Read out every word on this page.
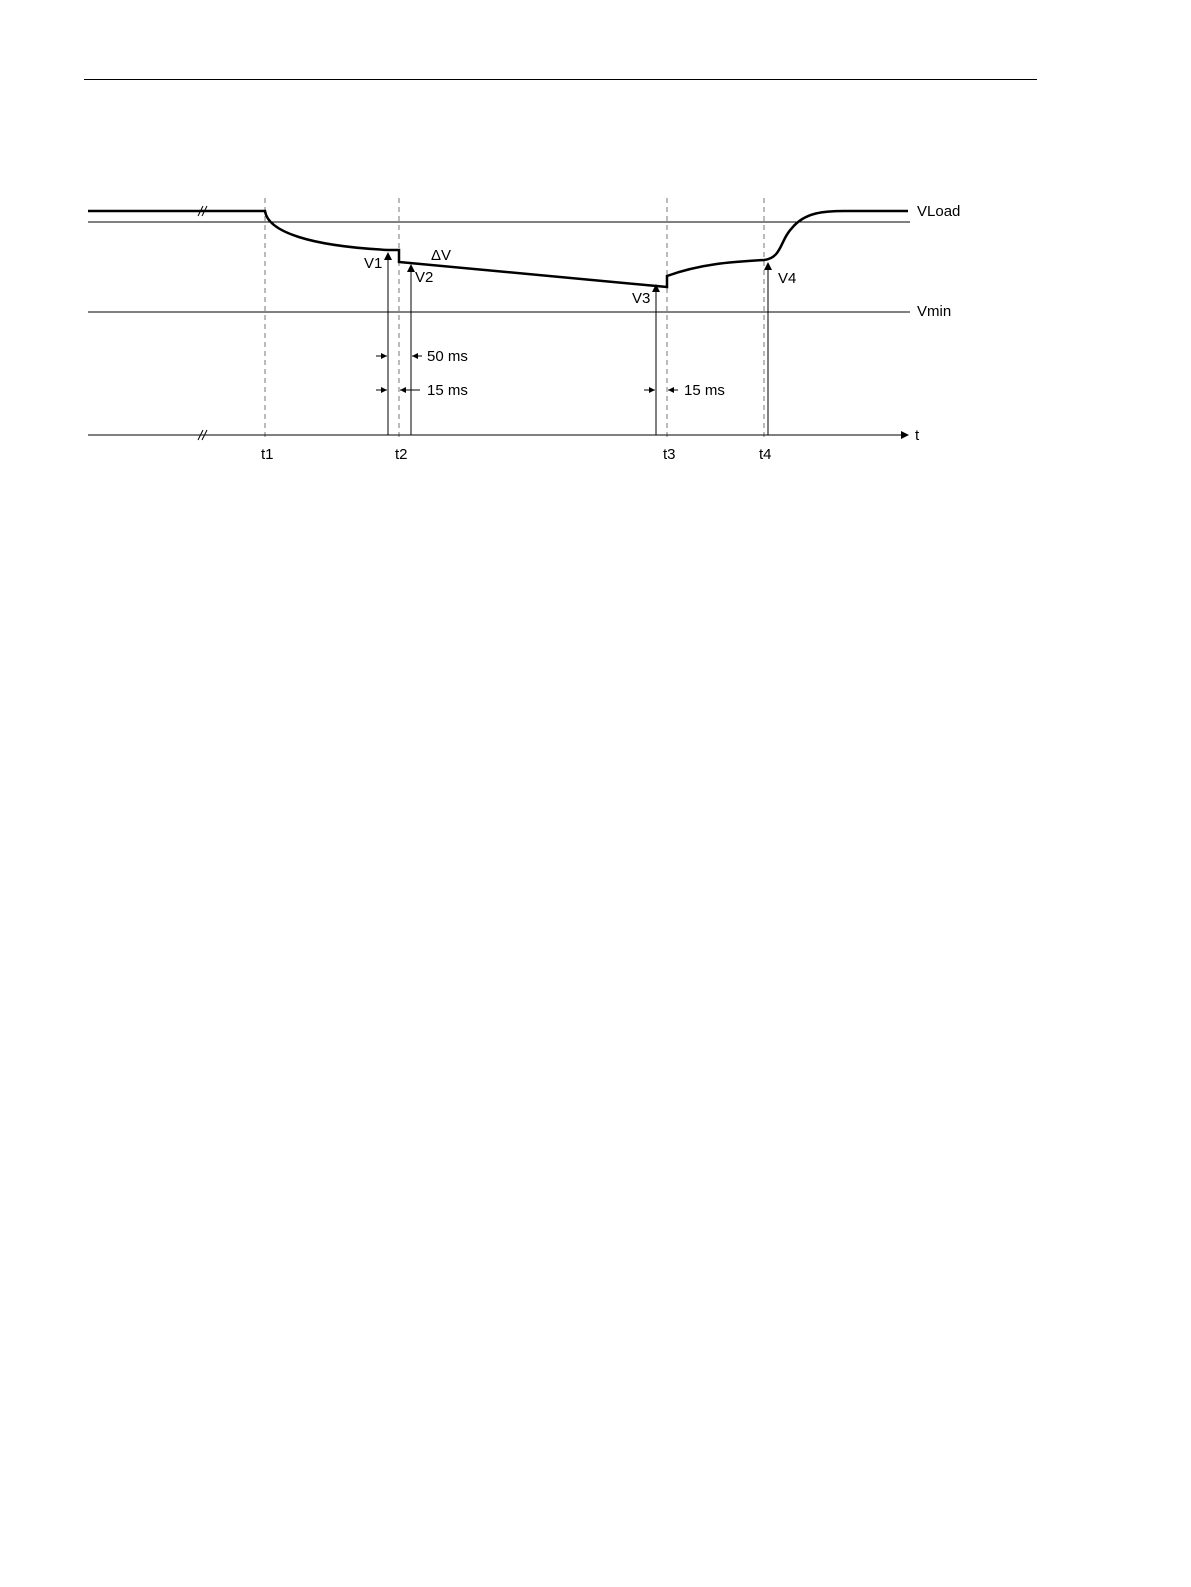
VLoad
Vmin
t
ΔV
V1
V2
V3
V4
t1	t2	t3	t4
50 ms
15 ms	15 ms
